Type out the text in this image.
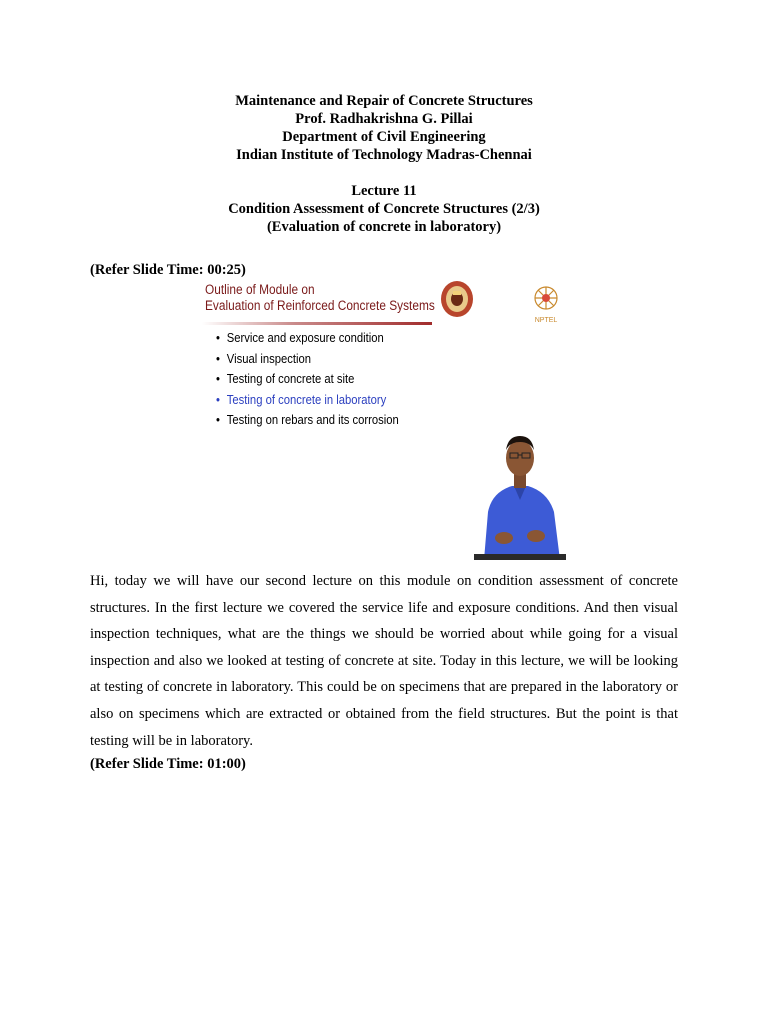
Maintenance and Repair of Concrete Structures
Prof. Radhakrishna G. Pillai
Department of Civil Engineering
Indian Institute of Technology Madras-Chennai
Lecture 11
Condition Assessment of Concrete Structures (2/3)
(Evaluation of concrete in laboratory)
(Refer Slide Time: 00:25)
Outline of Module on
Evaluation of Reinforced Concrete Systems
NPTEL
• Service and exposure condition
• Visual inspection
• Testing of concrete at site
• Testing of concrete in laboratory
• Testing on rebars and its corrosion
Hi, today we will have our second lecture on this module on condition assessment of concrete structures. In the first lecture we covered the service life and exposure conditions. And then visual inspection techniques, what are the things we should be worried about while going for a visual inspection and also we looked at testing of concrete at site. Today in this lecture, we will be looking at testing of concrete in laboratory. This could be on specimens that are prepared in the laboratory or also on specimens which are extracted or obtained from the field structures. But the point is that testing will be in laboratory.
(Refer Slide Time: 01:00)
